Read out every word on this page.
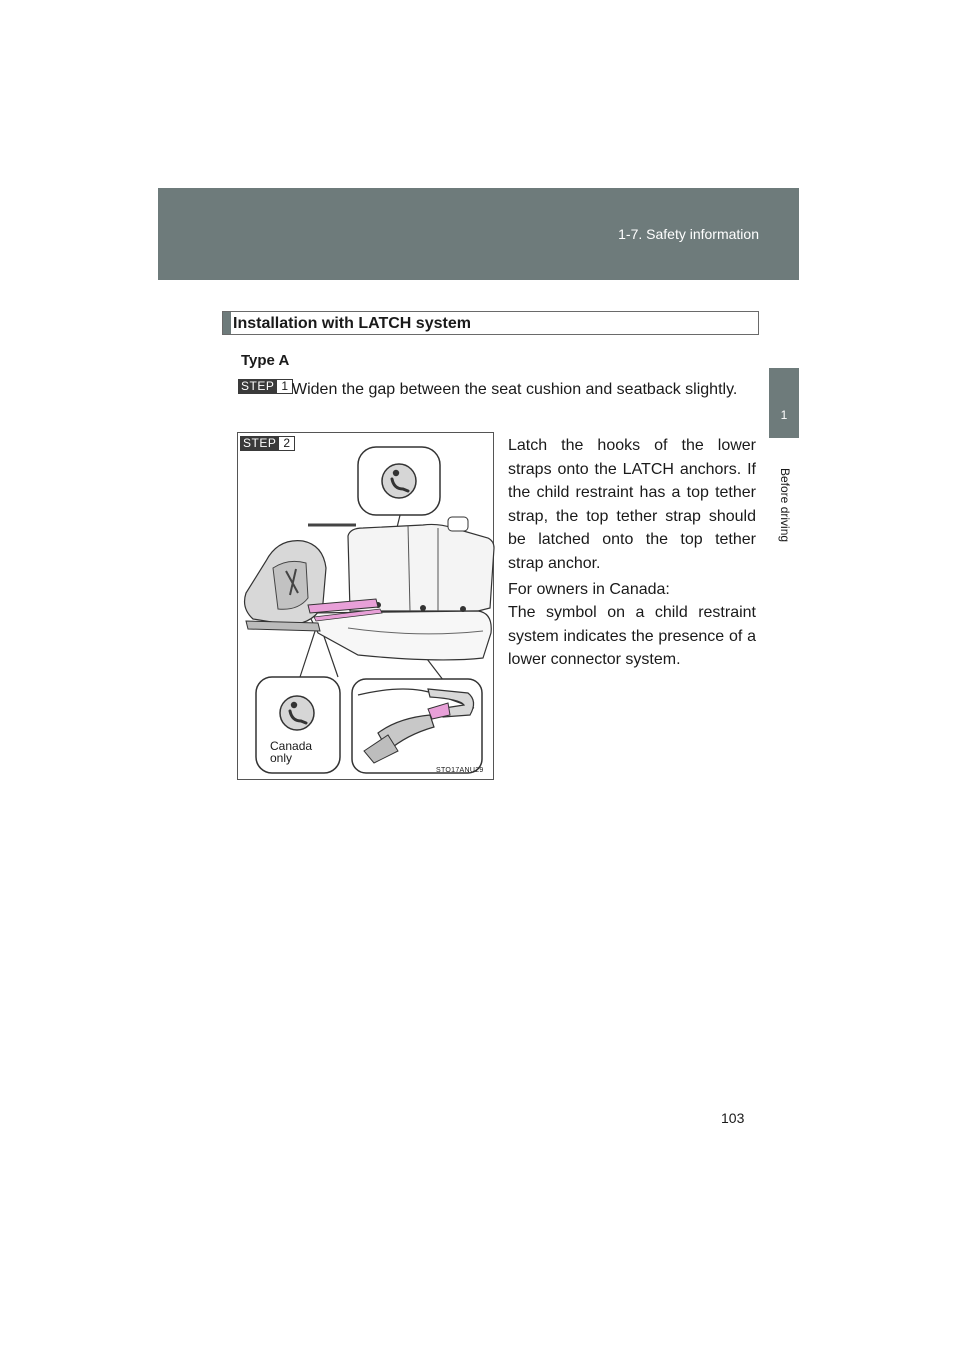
1-7. Safety information
1
Before driving
Installation with LATCH system
Type A
STEP 1 Widen the gap between the seat cushion and seatback slightly.
STEP 2
Canada only
STO17ANU29
Latch the hooks of the lower straps onto the LATCH anchors. If the child restraint has a top tether strap, the top tether strap should be latched onto the top tether strap anchor.
For owners in Canada:
The symbol on a child restraint system indicates the presence of a lower connector system.
103
